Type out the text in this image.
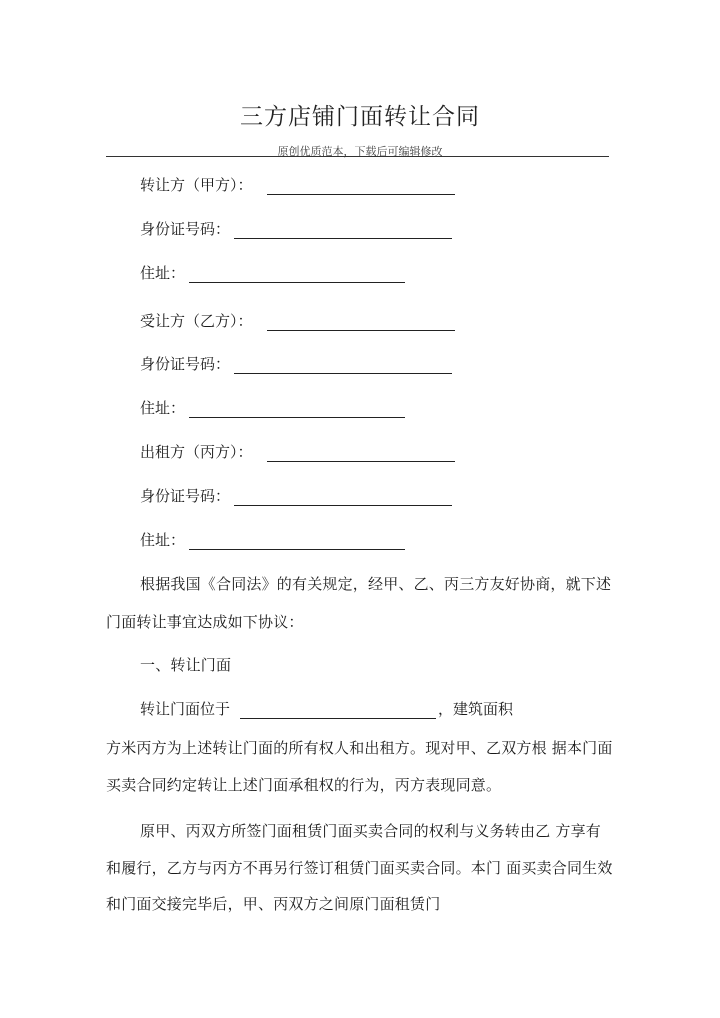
三方店铺门面转让合同
原创优质范本，下载后可编辑修改
转让方（甲方）：
身份证号码：
住址：
受让方（乙方）：
身份证号码：
住址：
出租方（丙方）：
身份证号码：
住址：
根据我国《合同法》的有关规定，经甲、乙、丙三方友好协商，就下述
门面转让事宜达成如下协议：
一、转让门面
转让门面位于	，建筑面积
方米丙方为上述转让门面的所有权人和出租方。现对甲、乙双方根 据本门面
买卖合同约定转让上述门面承租权的行为，丙方表现同意。
原甲、丙双方所签门面租赁门面买卖合同的权利与义务转由乙 方享有
和履行，乙方与丙方不再另行签订租赁门面买卖合同。本门 面买卖合同生效
和门面交接完毕后，甲、丙双方之间原门面租赁门
